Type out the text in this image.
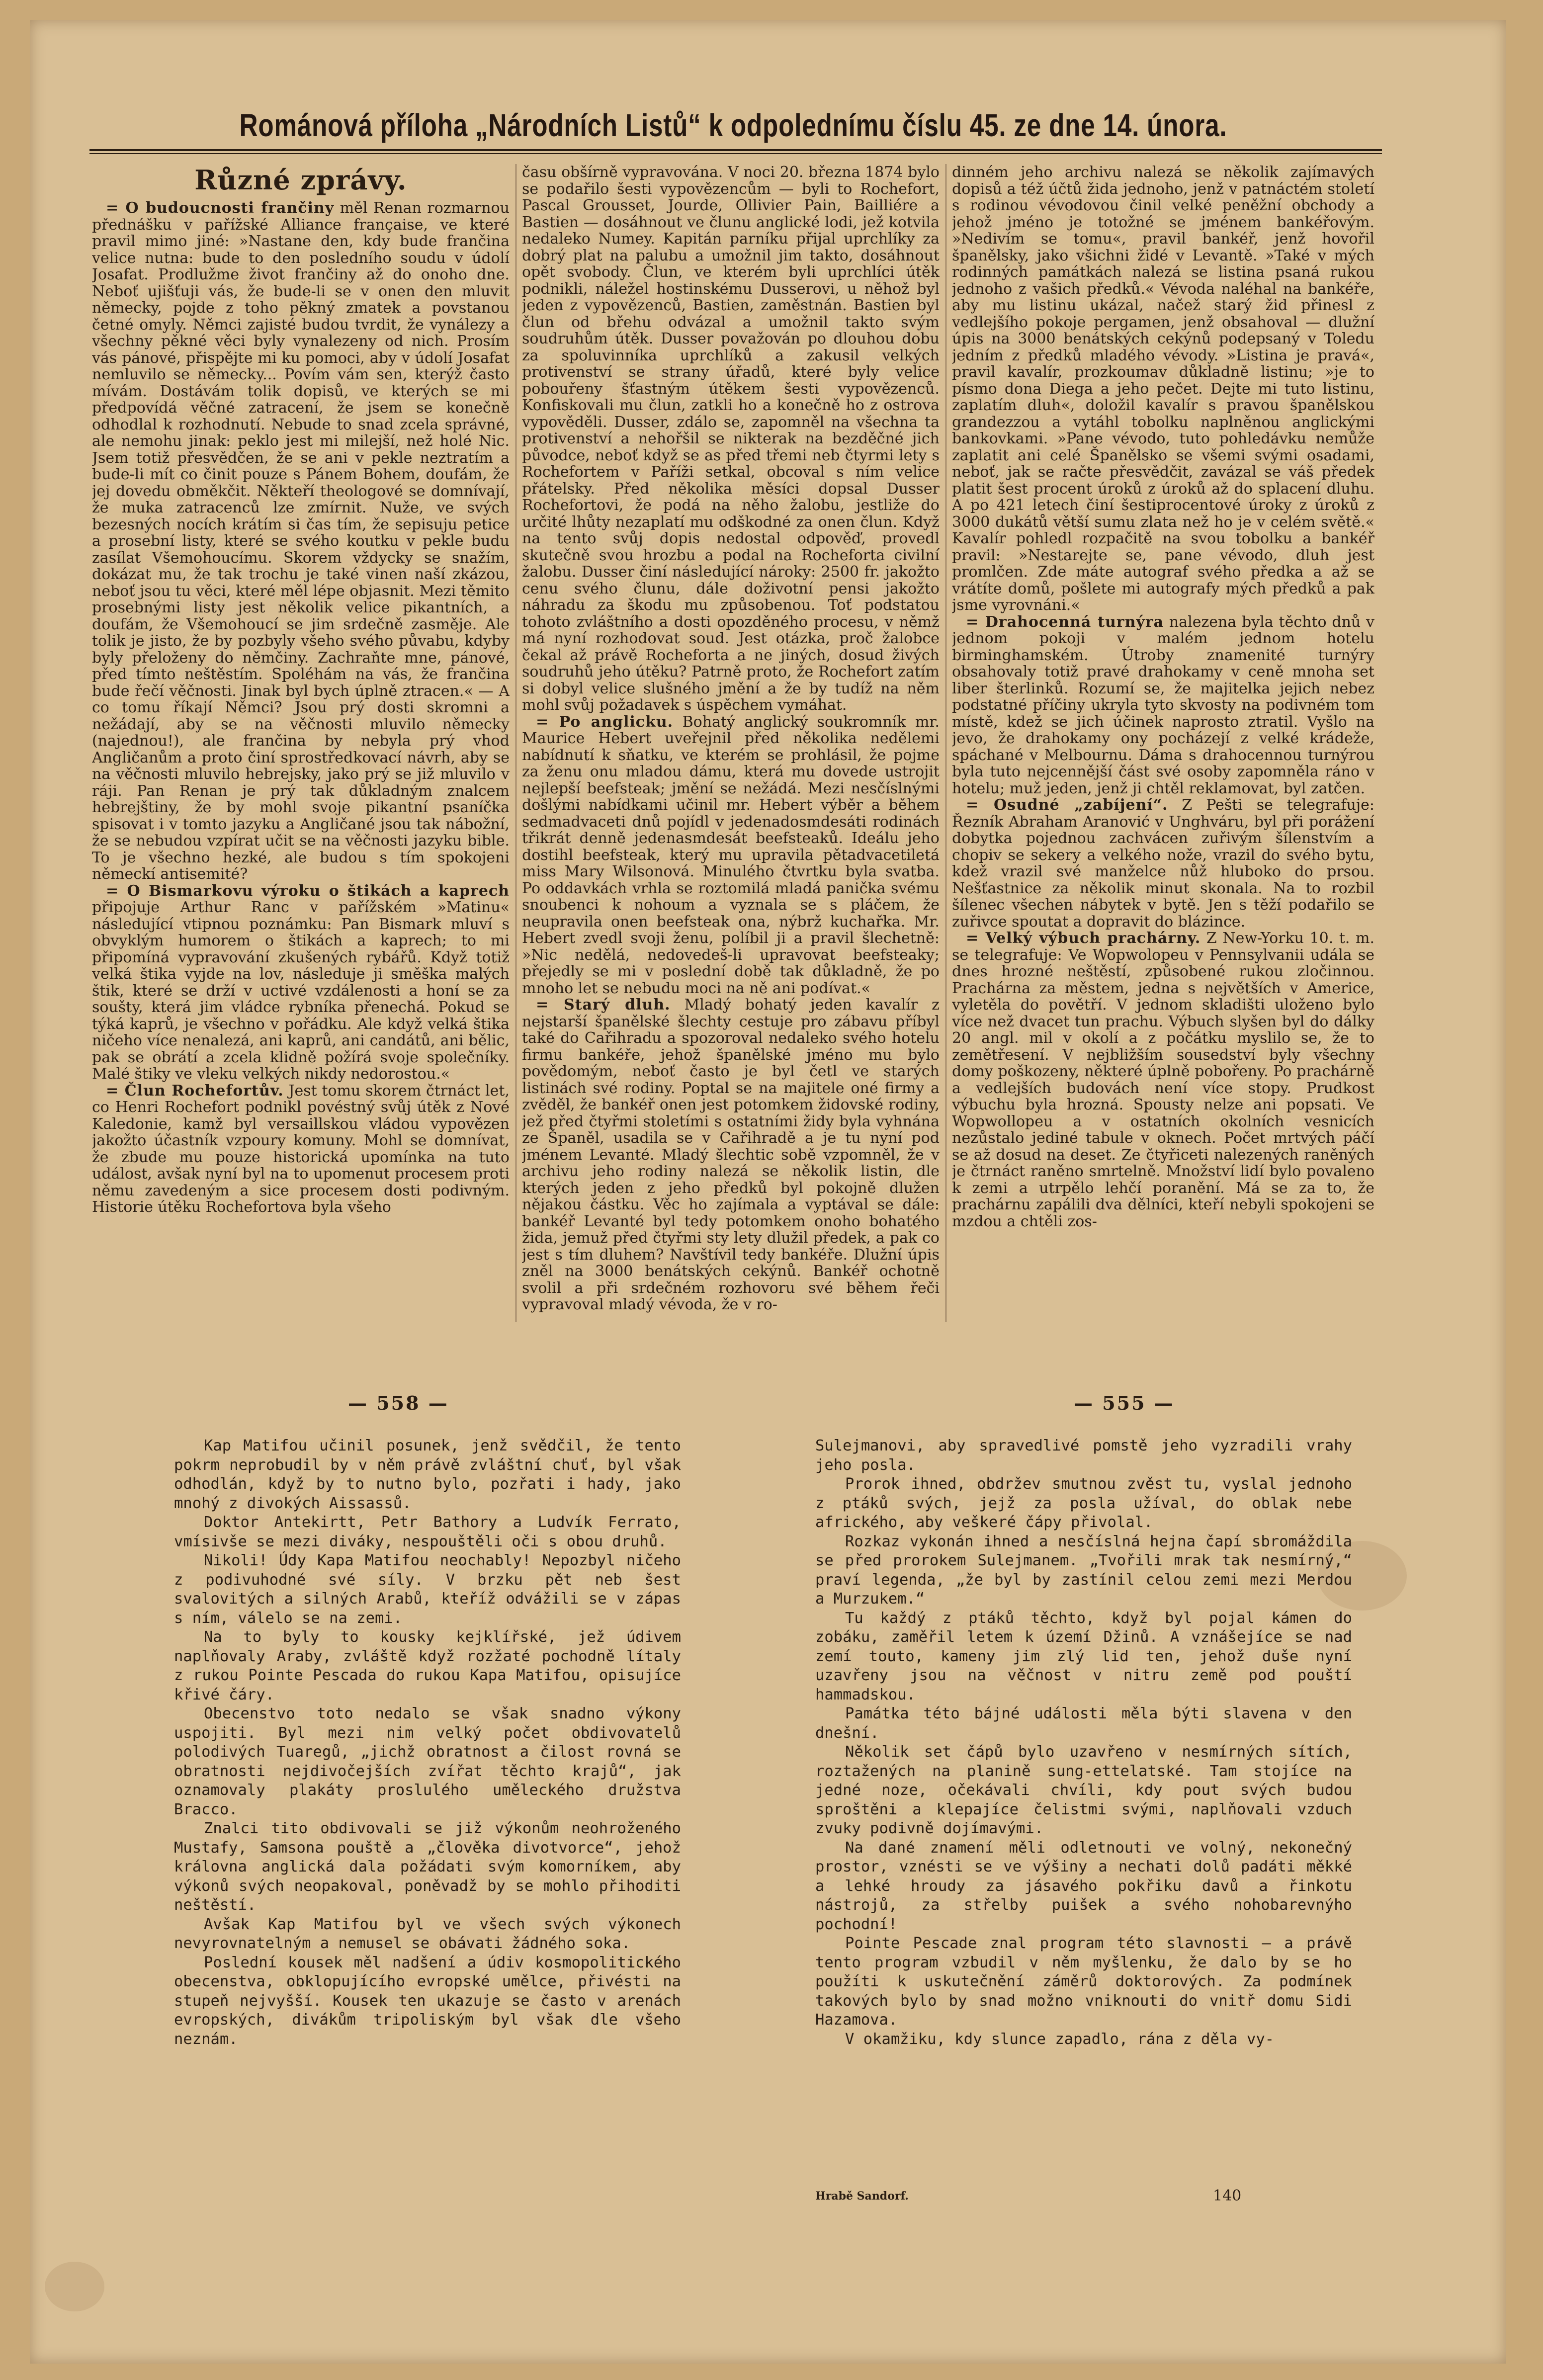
Románová příloha „Národních Listů“ k odpolednímu číslu 45. ze dne 14. února.
Různé zprávy.

= O budoucnosti frančiny měl Renan rozmarnou přednášku v pařížské Alliance française, ve které pravil mimo jiné: »Nastane den, kdy bude frančina velice nutna: bude to den posledního soudu v údolí Josafat. Prodlužme život frančiny až do onoho dne. Neboť ujišťuji vás, že bude-li se v onen den mluvit německy, pojde z toho pěkný zmatek a povstanou četné omyly. Němci zajisté budou tvrdit, že vynálezy a všechny pěkné věci byly vynalezeny od nich. Prosím vás pánové, přispějte mi ku pomoci, aby v údolí Josafat nemluvilo se německy... Povím vám sen, kterýž často mívám. Dostávám tolik dopisů, ve kterých se mi předpovídá věčné zatracení, že jsem se konečně odhodlal k rozhodnutí. Nebude to snad zcela správné, ale nemohu jinak: peklo jest mi milejší, než holé Nic. Jsem totiž přesvědčen, že se ani v pekle neztratím a bude-li mít co činit pouze s Pánem Bohem, doufám, že jej dovedu obměkčit. Někteří theologové se domnívají, že muka zatracenců lze zmírnit. Nuže, ve svých bezesných nocích krátím si čas tím, že sepisuju petice a prosební listy, které se svého koutku v pekle budu zasílat Všemohoucímu. Skorem vždycky se snažím, dokázat mu, že tak trochu je také vinen naší zkázou, neboť jsou tu věci, které měl lépe objasnit. Mezi těmito prosebnými listy jest několik velice pikantních, a doufám, že Všemohoucí se jim srdečně zasměje. Ale tolik je jisto, že by pozbyly všeho svého půvabu, kdyby byly přeloženy do němčiny. Zachraňte mne, pánové, před tímto neštěstím. Spoléhám na vás, že frančina bude řečí věčnosti. Jinak byl bych úplně ztracen.« — A co tomu říkají Němci? Jsou prý dosti skromni a nežádají, aby se na věčnosti mluvilo německy (najednou!), ale frančina by nebyla prý vhod Angličanům a proto činí sprostředkovací návrh, aby se na věčnosti mluvilo hebrejsky, jako prý se již mluvilo v ráji. Pan Renan je prý tak důkladným znalcem hebrejštiny, že by mohl svoje pikantní psaníčka spisovat i v tomto jazyku a Angličané jsou tak nábožní, že se nebudou vzpírat učit se na věčnosti jazyku bible. To je všechno hezké, ale budou s tím spokojeni německí antisemité?

= O Bismarkovu výroku o štikách a kaprech připojuje Arthur Ranc v pařížském »Matinu« následující vtipnou poznámku: Pan Bismark mluví s obvyklým humorem o štikách a kaprech; to mi připomíná vypravování zkušených rybářů. Když totiž velká štika vyjde na lov, následuje ji směška malých štik, které se drží v uctivé vzdálenosti a honí se za soušty, která jim vládce rybníka přenechá. Pokud se týká kaprů, je všechno v pořádku. Ale když velká štika ničeho více nenalezá, ani kaprů, ani candátů, ani bělic, pak se obrátí a zcela klidně požírá svoje společníky. Malé štiky ve vleku velkých nikdy nedorostou.«

= Člun Rochefortův. Jest tomu skorem čtrnáct let, co Henri Rochefort podnikl povéstný svůj útěk z Nové Kaledonie, kamž byl versaillskou vládou vypovězen jakožto účastník vzpoury komuny. Mohl se domnívat, že zbude mu pouze historická upomínka na tuto událost, avšak nyní byl na to upomenut procesem proti němu zavedeným a sice procesem dosti podivným. Historie útěku Rochefortova byla všeho

času obšírně vypravována. V noci 20. března 1874 bylo se podařilo šesti vypovězencům — byli to Rochefort, Pascal Grousset, Jourde, Ollivier Pain, Bailliére a Bastien — dosáhnout ve člunu anglické lodi, jež kotvila nedaleko Numey. Kapitán parníku přijal uprchlíky za dobrý plat na palubu a umožnil jim takto, dosáhnout opět svobody. Člun, ve kterém byli uprchlíci útěk podnikli, náležel hostinskému Dusserovi, u něhož byl jeden z vypovězenců, Bastien, zaměstnán. Bastien byl člun od břehu odvázal a umožnil takto svým soudruhům útěk. Dusser považován po dlouhou dobu za spoluvinníka uprchlíků a zakusil velkých protivenství se strany úřadů, které byly velice pobouřeny šťastným útěkem šesti vypovězenců. Konfiskovali mu člun, zatkli ho a konečně ho z ostrova vypověděli. Dusser, zdálo se, zapomněl na všechna ta protivenství a nehořšil se nikterak na bezděčné jich původce, neboť když se as před třemi neb čtyrmi lety s Rochefortem v Paříži setkal, obcoval s ním velice přátelsky. Před několika měsíci dopsal Dusser Rochefortovi, že podá na něho žalobu, jestliže do určité lhůty nezaplatí mu odškodné za onen člun. Když na tento svůj dopis nedostal odpověď, provedl skutečně svou hrozbu a podal na Rocheforta civilní žalobu. Dusser činí následující nároky: 2500 fr. jakožto cenu svého člunu, dále doživotní pensi jakožto náhradu za škodu mu způsobenou. Toť podstatou tohoto zvláštního a dosti opozděného procesu, v němž má nyní rozhodovat soud. Jest otázka, proč žalobce čekal až právě Rocheforta a ne jiných, dosud živých soudruhů jeho útěku? Patrně proto, že Rochefort zatím si dobyl velice slušného jmění a že by tudíž na něm mohl svůj požadavek s úspěchem vymáhat.

= Po anglicku. Bohatý anglický soukromník mr. Maurice Hebert uveřejnil před několika nedělemi nabídnutí k sňatku, ve kterém se prohlásil, že pojme za ženu onu mladou dámu, která mu dovede ustrojit nejlepší beefsteak; jmění se nežádá. Mezi nesčíslnými došlými nabídkami učinil mr. Hebert výběr a během sedmadvaceti dnů pojídl v jedenadosmdesáti rodinách třikrát denně jedenasmdesát beefsteaků. Ideálu jeho dostihl beefsteak, který mu upravila pětadvacetiletá miss Mary Wilsonová. Minulého čtvrtku byla svatba. Po oddavkách vrhla se roztomilá mladá panička svému snoubenci k nohoum a vyznala se s pláčem, že neupravila onen beefsteak ona, nýbrž kuchařka. Mr. Hebert zvedl svoji ženu, políbil ji a pravil šlechetně: »Nic nedělá, nedovedeš-li upravovat beefsteaky; přejedly se mi v poslední době tak důkladně, že po mnoho let se nebudu moci na ně ani podívat.«

= Starý dluh. Mladý bohatý jeden kavalír z nejstarší španělské šlechty cestuje pro zábavu příbyl také do Cařihradu a spozoroval nedaleko svého hotelu firmu bankéře, jehož španělské jméno mu bylo povědomým, neboť často je byl četl ve starých listinách své rodiny. Poptal se na majitele oné firmy a zvěděl, že bankéř onen jest potomkem židovské rodiny, jež před čtyřmi stoletími s ostatními židy byla vyhnána ze Španěl, usadila se v Cařihradě a je tu nyní pod jménem Levanté. Mladý šlechtic sobě vzpomněl, že v archivu jeho rodiny nalezá se několik listin, dle kterých jeden z jeho předků byl pokojně dlužen nějakou částku. Věc ho zajímala a vyptával se dále: bankéř Levanté byl tedy potomkem onoho bohatého žida, jemuž před čtyřmi sty lety dlužil předek, a pak co jest s tím dluhem? Navštívil tedy bankéře. Dlužní úpis zněl na 3000 benátských cekýnů. Bankéř ochotně svolil a při srdečném rozhovoru své během řeči vypravoval mladý vévoda, že v ro-

dinném jeho archivu nalezá se několik zajímavých dopisů a též účtů žida jednoho, jenž v patnáctém století s rodinou vévodovou činil velké peněžní obchody a jehož jméno je totožné se jménem bankéřovým. »Nedivím se tomu«, pravil bankéř, jenž hovořil španělsky, jako všichni židé v Levantě. »Také v mých rodinných památkách nalezá se listina psaná rukou jednoho z vašich předků.« Vévoda naléhal na bankéře, aby mu listinu ukázal, načež starý žid přinesl z vedlejšího pokoje pergamen, jenž obsahoval — dlužní úpis na 3000 benátských cekýnů podepsaný v Toledu jedním z předků mladého vévody. »Listina je pravá«, pravil kavalír, prozkoumav důkladně listinu; »je to písmo dona Diega a jeho pečet. Dejte mi tuto listinu, zaplatím dluh«, doložil kavalír s pravou španělskou grandezzou a vytáhl tobolku naplněnou anglickými bankovkami. »Pane vévodo, tuto pohledávku nemůže zaplatit ani celé Španělsko se všemi svými osadami, neboť, jak se račte přesvědčit, zavázal se váš předek platit šest procent úroků z úroků až do splacení dluhu. A po 421 letech činí šestiprocentové úroky z úroků z 3000 dukátů větší sumu zlata než ho je v celém světě.« Kavalír pohledl rozpačitě na svou tobolku a bankéř pravil: »Nestarejte se, pane vévodo, dluh jest promlčen. Zde máte autograf svého předka a až se vrátíte domů, pošlete mi autografy mých předků a pak jsme vyrovnáni.«

= Drahocenná turnýra nalezena byla těchto dnů v jednom pokoji v malém jednom hotelu birminghamském. Útroby znamenité turnýry obsahovaly totiž pravé drahokamy v ceně mnoha set liber šterlinků. Rozumí se, že majitelka jejich nebez podstatné příčiny ukryla tyto skvosty na podivném tom místě, kdež se jich účinek naprosto ztratil. Vyšlo na jevo, že drahokamy ony pocházejí z velké krádeže, spáchané v Melbournu. Dáma s drahocennou turnýrou byla tuto nejcennější část své osoby zapomněla ráno v hotelu; muž jeden, jenž ji chtěl reklamovat, byl zatčen.

= Osudné „zabíjení“. Z Pešti se telegrafuje: Řezník Abraham Aranović v Unghváru, byl při porážení dobytka pojednou zachvácen zuřivým šílenstvím a chopiv se sekery a velkého nože, vrazil do svého bytu, kdež vrazil své manželce nůž hluboko do prsou. Nešťastnice za několik minut skonala. Na to rozbil šílenec všechen nábytek v bytě. Jen s těží podařilo se zuřivce spoutat a dopravit do blázince.

= Velký výbuch prachárny. Z New-Yorku 10. t. m. se telegrafuje: Ve Wopwolopeu v Pennsylvanii udála se dnes hrozné neštěstí, způsobené rukou zločinnou. Prachárna za městem, jedna s největších v Americe, vyletěla do povětří. V jednom skladišti uloženo bylo více než dvacet tun prachu. Výbuch slyšen byl do dálky 20 angl. mil v okolí a z počátku myslilo se, že to zemětřesení. V nejbližším sousedství byly všechny domy poškozeny, některé úplně pobořeny. Po prachárně a vedlejších budovách není více stopy. Prudkost výbuchu byla hrozná. Spousty nelze ani popsati. Ve Wopwollopeu a v ostatních okolních vesnicích nezůstalo jediné tabule v oknech. Počet mrtvých páčí se až dosud na deset. Ze čtyřiceti nalezených raněných je čtrnáct raněno smrtelně. Množství lidí bylo povaleno k zemi a utrpělo lehčí poranění. Má se za to, že prachárnu zapálili dva dělníci, kteří nebyli spokojeni se mzdou a chtěli zos-

— 558 —	— 555 —

Kap Matifou učinil posunek, jenž svědčil, že tento pokrm neprobudil by v něm právě zvláštní chuť, byl však odhodlán, když by to nutno bylo, pozřati i hady, jako mnohý z divokých Aissassů.

Doktor Antekirtt, Petr Bathory a Ludvík Ferrato, vmísivše se mezi diváky, nespouštěli oči s obou druhů.

Nikoli! Údy Kapa Matifou neochably! Nepozbyl ničeho z podivuhodné své síly. V brzku pět neb šest svalovitých a silných Arabů, kteříž odvážili se v zápas s ním, válelo se na zemi.

Na to byly to kousky kejklířské, jež údivem naplňovaly Araby, zvláště když rozžaté pochodně lítaly z rukou Pointe Pescada do rukou Kapa Matifou, opisujíce křivé čáry.

Obecenstvo toto nedalo se však snadno výkony uspojiti. Byl mezi nim velký počet obdivovatelů polodivých Tuaregů, „jichž obratnost a čilost rovná se obratnosti nejdivočejších zvířat těchto krajů“, jak oznamovaly plakáty proslulého uměleckého družstva Bracco.

Znalci tito obdivovali se již výkonům neohroženého Mustafy, Samsona pouště a „člověka divotvorce“, jehož královna anglická dala požádati svým komorníkem, aby výkonů svých neopakoval, poněvadž by se mohlo přihoditi neštěstí.

Avšak Kap Matifou byl ve všech svých výkonech nevyrovnatelným a nemusel se obávati žádného soka.

Poslední kousek měl nadšení a údiv kosmopolitického obecenstva, obklopujícího evropské umělce, přivésti na stupeň nejvyšší. Kousek ten ukazuje se často v arenách evropských, divákům tripoliským byl však dle všeho neznám.

Sulejmanovi, aby spravedlivé pomstě jeho vyzradili vrahy jeho posla.

Prorok ihned, obdržev smutnou zvěst tu, vyslal jednoho z ptáků svých, jejž za posla užíval, do oblak nebe afrického, aby veškeré čápy přivolal.

Rozkaz vykonán ihned a nesčíslná hejna čapí sbromáždila se před prorokem Sulejmanem. „Tvořili mrak tak nesmírný,“ praví legenda, „že byl by zastínil celou zemi mezi Merdou a Murzukem.“

Tu každý z ptáků těchto, když byl pojal kámen do zobáku, zaměřil letem k území Džinů. A vznášejíce se nad zemí touto, kameny jim zlý lid ten, jehož duše nyní uzavřeny jsou na věčnost v nitru země pod pouští hammadskou.

Památka této bájné události měla býti slavena v den dnešní.

Několik set čápů bylo uzavřeno v nesmírných sítích, roztažených na planině sung-ettelatské. Tam stojíce na jedné noze, očekávali chvíli, kdy pout svých budou sproštěni a klepajíce čelistmi svými, naplňovali vzduch zvuky podivně dojímavými.

Na dané znamení měli odletnouti ve volný, nekonečný prostor, vznésti se ve výšiny a nechati dolů padáti měkké a lehké hroudy za jásavého pokřiku davů a řinkotu nástrojů, za střelby puišek a svého nohobarevnýho pochodní!

Pointe Pescade znal program této slavnosti — a právě tento program vzbudil v něm myšlenku, že dalo by se ho použíti k uskutečnění záměrů doktorových. Za podmínek takových bylo by snad možno vniknouti do vnitř domu Sidi Hazamova.

V okamžiku, kdy slunce zapadlo, rána z děla vy-

Hrabě Sandorf.	140
